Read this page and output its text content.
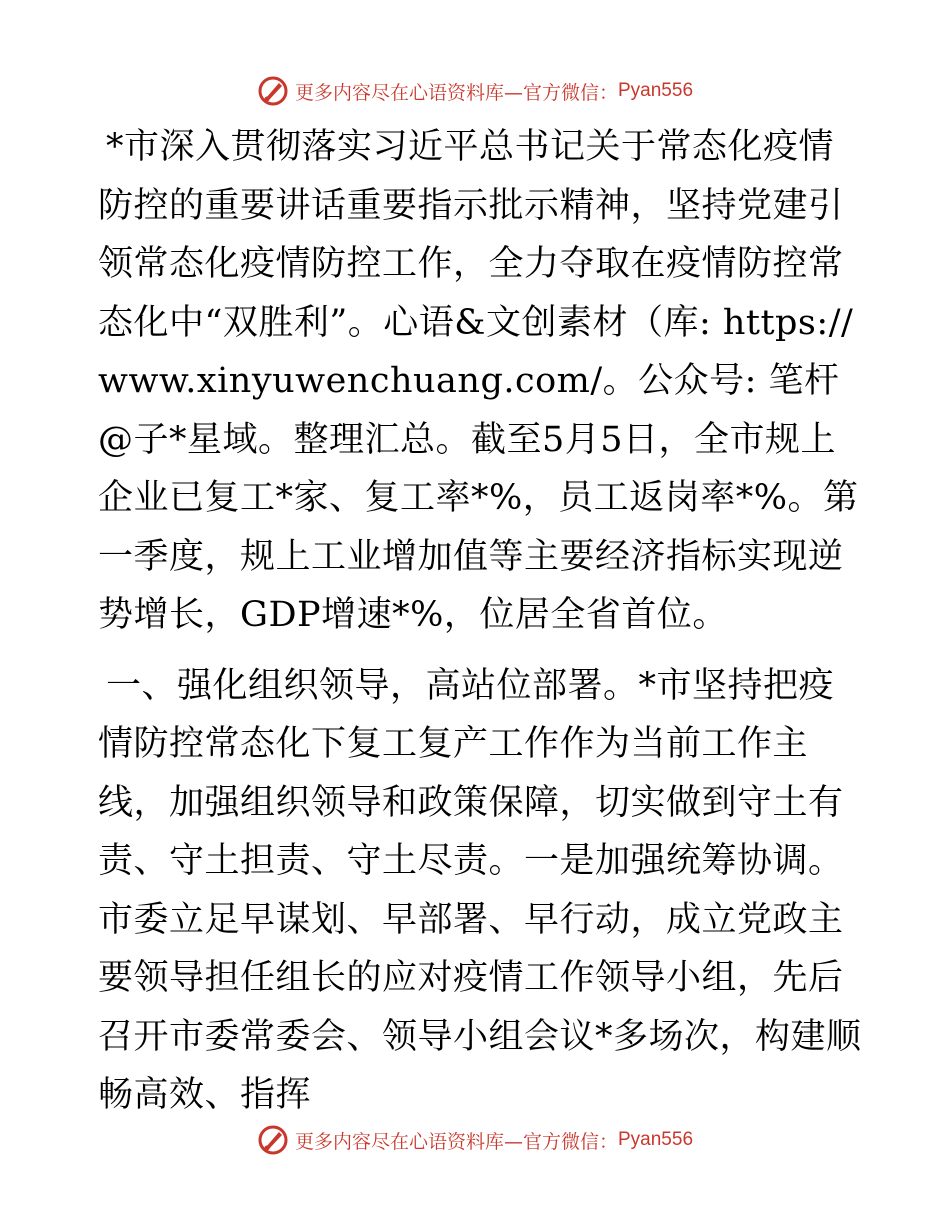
更多内容尽在心语资料库—官方微信： Pyan556

*市深入贯彻落实习近平总书记关于常态化疫情防控的重要讲话重要指示批示精神，坚持党建引领常态化疫情防控工作，全力夺取在疫情防控常态化中“双胜利”。心语&文创素材（库: https://www.xinyuwenchuang.com/。公众号: 笔杆@子*星域。整理汇总。截至5月5日，全市规上企业已复工*家、复工率*%，员工返岗率*%。第一季度，规上工业增加值等主要经济指标实现逆势增长，GDP增速*%，位居全省首位。

一、强化组织领导，高站位部署。*市坚持把疫情防控常态化下复工复产工作作为当前工作主线，加强组织领导和政策保障，切实做到守土有责、守土担责、守土尽责。一是加强统筹协调。市委立足早谋划、早部署、早行动，成立党政主要领导担任组长的应对疫情工作领导小组，先后召开市委常委会、领导小组会议*多场次，构建顺畅高效、指挥

更多内容尽在心语资料库—官方微信： Pyan556
